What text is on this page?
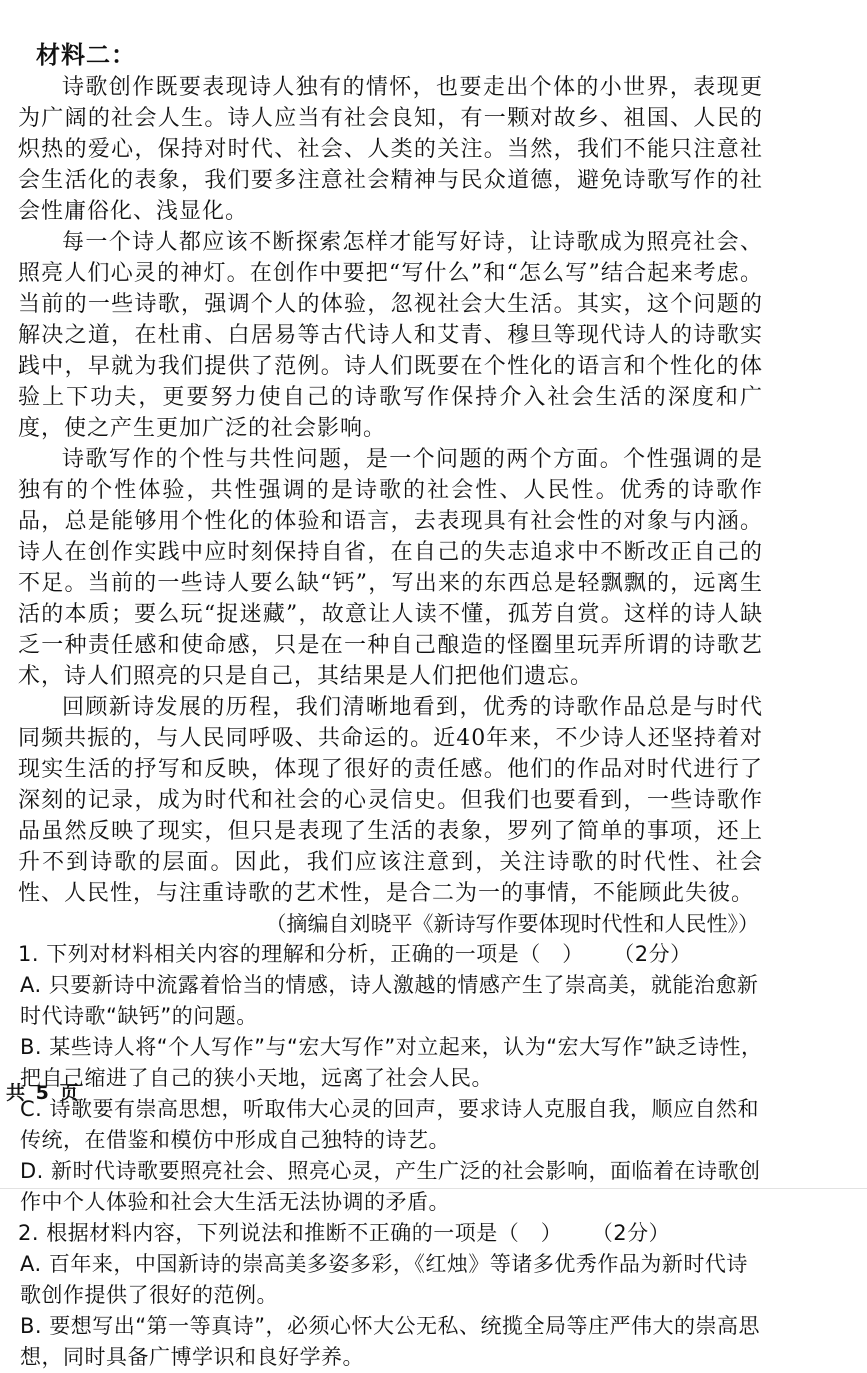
材料二：

诗歌创作既要表现诗人独有的情怀，也要走出个体的小世界，表现更为广阔的社会人生。诗人应当有社会良知，有一颗对故乡、祖国、人民的炽热的爱心，保持对时代、社会、人类的关注。当然，我们不能只注意社会生活化的表象，我们要多注意社会精神与民众道德，避免诗歌写作的社会性庸俗化、浅显化。

每一个诗人都应该不断探索怎样才能写好诗，让诗歌成为照亮社会、照亮人们心灵的神灯。在创作中要把“写什么”和“怎么写”结合起来考虑。当前的一些诗歌，强调个人的体验，忽视社会大生活。其实，这个问题的解决之道，在杜甫、白居易等古代诗人和艾青、穆旦等现代诗人的诗歌实践中，早就为我们提供了范例。诗人们既要在个性化的语言和个性化的体验上下功夫，更要努力使自己的诗歌写作保持介入社会生活的深度和广度，使之产生更加广泛的社会影响。

诗歌写作的个性与共性问题，是一个问题的两个方面。个性强调的是独有的个性体验，共性强调的是诗歌的社会性、人民性。优秀的诗歌作品，总是能够用个性化的体验和语言，去表现具有社会性的对象与内涵。诗人在创作实践中应时刻保持自省，在自己的失志追求中不断改正自己的不足。当前的一些诗人要么缺“钙”，写出来的东西总是轻飘飘的，远离生活的本质；要么玩“捉迷藏”，故意让人读不懂，孤芳自赏。这样的诗人缺乏一种责任感和使命感，只是在一种自己酿造的怪圈里玩弄所谓的诗歌艺术，诗人们照亮的只是自己，其结果是人们把他们遗忘。

回顾新诗发展的历程，我们清晰地看到，优秀的诗歌作品总是与时代同频共振的，与人民同呼吸、共命运的。近40年来，不少诗人还坚持着对现实生活的抒写和反映，体现了很好的责任感。他们的作品对时代进行了深刻的记录，成为时代和社会的心灵信史。但我们也要看到，一些诗歌作品虽然反映了现实，但只是表现了生活的表象，罗列了简单的事项，还上升不到诗歌的层面。因此，我们应该注意到，关注诗歌的时代性、社会性、人民性，与注重诗歌的艺术性，是合二为一的事情，不能顾此失彼。

（摘编自刘晓平《新诗写作要体现时代性和人民性》）

1. 下列对材料相关内容的理解和分析，正确的一项是（　） （2分）

A. 只要新诗中流露着恰当的情感，诗人激越的情感产生了崇高美，就能治愈新时代诗歌“缺钙”的问题。

B. 某些诗人将“个人写作”与“宏大写作”对立起来，认为“宏大写作”缺乏诗性，把自己缩进了自己的狭小天地，远离了社会人民。

C. 诗歌要有崇高思想，听取伟大心灵的回声，要求诗人克服自我，顺应自然和传统，在借鉴和模仿中形成自己独特的诗艺。

D. 新时代诗歌要照亮社会、照亮心灵，产生广泛的社会影响，面临着在诗歌创作中个人体验和社会大生活无法协调的矛盾。

2. 根据材料内容，下列说法和推断不正确的一项是（　） （2分）

A. 百年来，中国新诗的崇高美多姿多彩，《红烛》等诸多优秀作品为新时代诗歌创作提供了很好的范例。

B. 要想写出“第一等真诗”，必须心怀大公无私、统揽全局等庄严伟大的崇高思想，同时具备广博学识和良好学养。

共 5 页
